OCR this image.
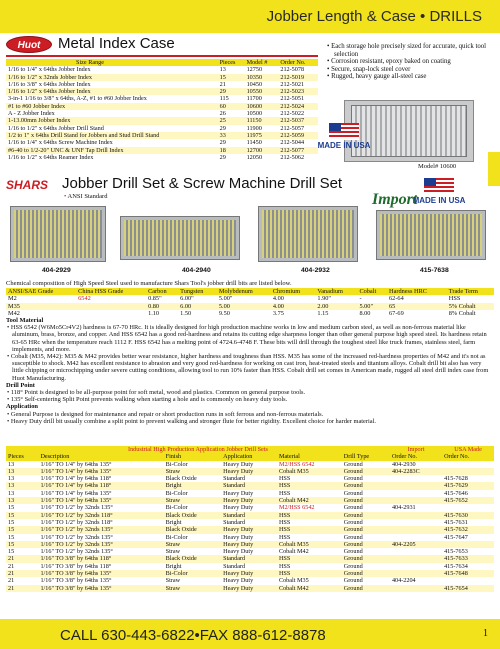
Jobber Length & Case • DRILLS
Huot	Metal Index Case
Size Range	Pieces	Model #	Order No.
1/16 to 1/4" x 64ths Jobber Index	13	12750	212-5078
1/16 to 1/2" x 32nds Jobber Index	15	10350	212-5019
1/16 to 3/8" x 64ths Jobber Index	21	10450	212-5021
1/16 to 1/2" x 64ths Jobber Index	29	10550	212-5023
3-in-1 1/16 to 3/8" x 64ths, A-Z, #1 to #60 Jobber Index	115	11700	212-5051
#1 to #60 Jobber Index	60	10600	212-5024
A - Z Jobber Index	26	10500	212-5022
1-13.00mm Jobber Index	25	11150	212-5037
1/16 to 1/2" x 64ths Jobber Drill Stand	29	11900	212-5057
1/2 to 1" x 64ths Drill Stand for Jobbers and Stud Drill Stand	33	11975	212-5059
1/16 to 1/4" x 64ths Screw Machine Index	29	11450	212-5044
#6-40 to 1/2-20" UNC & UNF Tap Drill Index	18	12700	212-5077
1/16 to 1/2" x 64ths Reamer Index	29	12050	212-5062
• Each storage hole precisely sized for accurate, quick tool selection
• Corrosion resistant, epoxy baked on coating
• Secure, snap-lock steel cover
• Rugged, heavy gauge all-steel case
MADE IN USA
Model# 10600
SHARS Jobber Drill Set & Screw Machine Drill Set
• ANSI Standard	Import
MADE IN USA
404-2929	404-2940	404-2932	415-7638
Chemical composition of High Speed Steel used to manufacture Shars Tool's jobber drill bits are listed below.
ANSI/SAE Grade	China HSS Grade	Carbon	Tungsten	Molybdenum	Chromium	Vanadium	Cobalt	Hardness HRC	Trade Term
M2	6542	0.85"	6.00"	5.00"	4.00	1.90"	-	62-64	HSS
M35		0.80	6.00	5.00	4.00	2.00	5.00"	65	5% Cobalt
M42		1.10	1.50	9.50	3.75	1.15	8.00	67-69	8% Cobalt

Tool Material

• HSS 6542 (W6Mo5Cr4V2) hardness is 67-70 HRc. It is ideally designed for high production machine works in low and medium carbon steel, as well as non-ferrous material like aluminum, brass, bronze, and copper. And HSS 6542 has a good red-hardness and retains its cutting edge sharpness longer than other general purpose high speed steel. Its hardness retain 63-65 HRc when the temperature reach 1112 F. HSS 6542 has a melting point of 4724.6-4748 F. These bits will drill through the toughest steel like truck frames, stainless steel, farm implements, and more.

• Cobalt (M35, M42): M35 & M42 provides better wear resistance, higher hardness and toughness than HSS. M35 has some of the increased red-hardness properties of M42 and it's not as susceptible to shock. M42 has excellent resistance to abrasion and very good red-hardness for working on cast iron, heat-treated steels and titanium alloys. Cobalt drill bit also has very little chipping or microchipping under severe cutting conditions, allowing tool to run 10% faster than HSS. Cobalt drill set comes in American made, rugged all steel drill index case from Huot Manufacturing.

Drill Point

• 118° Point is designed to be all-purpose point for soft metal, wood and plastics. Common on general purpose tools.

• 135° Self-centering Split Point prevents walking when starting a hole and is commonly on heavy duty tools.

Application

• General Purpose is designed for maintenance and repair or short production runs in soft ferrous and non-ferrous materials.

• Heavy Duty drill bit usually combine a split point to prevent walking and stronger flute for better rigidity. Excellent choice for harder material.

Industrial High Production Application Jobber Drill Sets						Import	USA Made
Pieces	Description	Finish	Application	Material	Drill Type	Order No.	Order No.
13	1/16" TO 1/4" by 64ths 135°	Bi-Color	Heavy Duty	M2/HSS 6542	Ground	404-2930	
13	1/16" TO 1/4" by 64ths 135°	Straw	Heavy Duty	Cobalt M35	Ground	404-2283C	
13	1/16" TO 1/4" by 64ths 118°	Black Oxide	Standard	HSS	Ground		415-7628
13	1/16" TO 1/4" by 64ths 118°	Bright	Standard	HSS	Ground		415-7629
13	1/16" TO 1/4" by 64ths 135°	Bi-Color	Heavy Duty	HSS	Ground		415-7646
13	1/16" TO 1/4" by 64ths 135°	Straw	Heavy Duty	Cobalt M42	Ground		415-7652
15	1/16" TO 1/2" by 32nds 135°	Bi-Color	Heavy Duty	M2/HSS 6542	Ground	404-2931	
15	1/16" TO 1/2" by 32nds 118°	Black Oxide	Standard	HSS	Ground		415-7630
15	1/16" TO 1/2" by 32nds 118°	Bright	Standard	HSS	Ground		415-7631
15	1/16" TO 1/2" by 32nds 135°	Black Oxide	Heavy Duty	HSS	Ground		415-7632
15	1/16" TO 1/2" by 32nds 135°	Bi-Color	Heavy Duty	HSS	Ground		415-7647
15	1/16" TO 1/2" by 32nds 135°	Straw	Heavy Duty	Cobalt M35	Ground	404-2205	
15	1/16" TO 1/2" by 32nds 135°	Straw	Heavy Duty	Cobalt M42	Ground		415-7653
21	1/16" TO 3/8" by 64ths 118°	Black Oxide	Standard	HSS	Ground		415-7633
21	1/16" TO 3/8" by 64ths 118°	Bright	Standard	HSS	Ground		415-7634
21	1/16" TO 3/8" by 64ths 135°	Bi-Color	Heavy Duty	HSS	Ground		415-7648
21	1/16" TO 3/8" by 64ths 135°	Straw	Heavy Duty	Cobalt M35	Ground	404-2204	
21	1/16" TO 3/8" by 64ths 135°	Straw	Heavy Duty	Cobalt M42	Ground		415-7654
CALL 630-443-6822•FAX 888-612-8878	1
